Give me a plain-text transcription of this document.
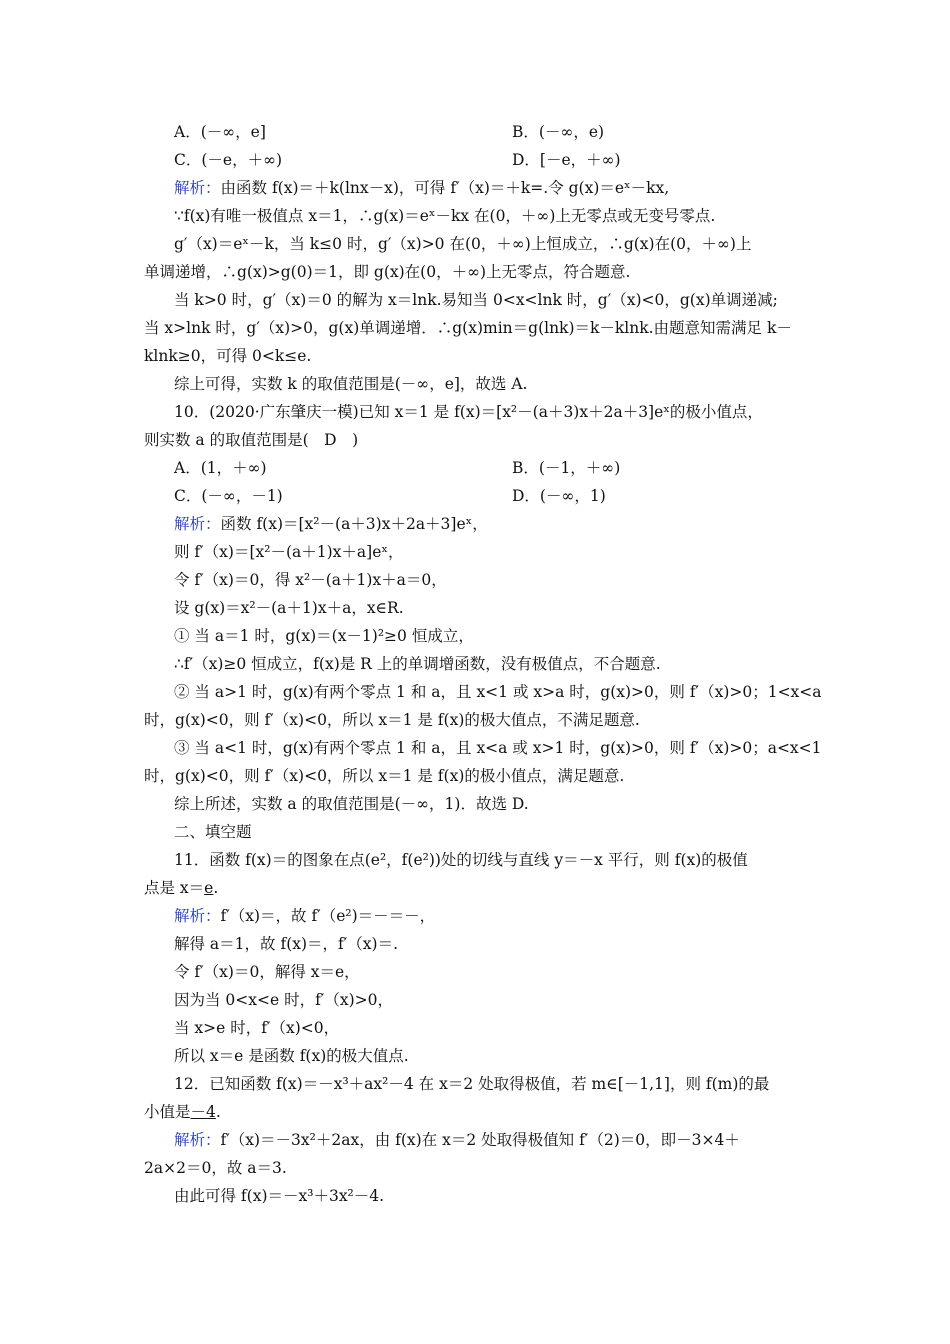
A．(－∞，e]	B．(－∞，e)
C．(－e，＋∞)	D．[－e，＋∞)
解析：由函数 f(x)＝＋k(lnx－x)，可得 f′（x)＝＋k=.令 g(x)＝eˣ－kx,
∵f(x)有唯一极值点 x＝1，∴g(x)＝eˣ－kx 在(0，＋∞)上无零点或无变号零点.
g′（x)＝eˣ－k，当 k≤0 时，g′（x)>0 在(0，＋∞)上恒成立，∴g(x)在(0，＋∞)上
单调递增，∴g(x)>g(0)＝1，即 g(x)在(0，＋∞)上无零点，符合题意.
当 k>0 时，g′（x)＝0 的解为 x＝lnk.易知当 0<x<lnk 时，g′（x)<0，g(x)单调递减;
当 x>lnk 时，g′（x)>0，g(x)单调递增．∴g(x)min＝g(lnk)＝k－klnk.由题意知需满足 k－
klnk≥0，可得 0<k≤e.
综上可得，实数 k 的取值范围是(－∞，e]，故选 A.
10．(2020·广东肇庆一模)已知 x＝1 是 f(x)＝[x²－(a＋3)x＋2a＋3]eˣ的极小值点，
则实数 a 的取值范围是(　D　)
A．(1，＋∞)	B．(－1，＋∞)
C．(－∞，－1)	D．(－∞，1)
解析：函数 f(x)＝[x²－(a＋3)x＋2a＋3]eˣ，
则 f′（x)＝[x²－(a＋1)x＋a]eˣ，
令 f′（x)＝0，得 x²－(a＋1)x＋a＝0，
设 g(x)＝x²－(a＋1)x＋a，x∈R.
① 当 a＝1 时，g(x)＝(x－1)²≥0 恒成立，
∴f′（x)≥0 恒成立，f(x)是 R 上的单调增函数，没有极值点，不合题意.
② 当 a>1 时，g(x)有两个零点 1 和 a，且 x<1 或 x>a 时，g(x)>0，则 f′（x)>0；1<x<a
时，g(x)<0，则 f′（x)<0，所以 x＝1 是 f(x)的极大值点，不满足题意.
③ 当 a<1 时，g(x)有两个零点 1 和 a，且 x<a 或 x>1 时，g(x)>0，则 f′（x)>0；a<x<1
时，g(x)<0，则 f′（x)<0，所以 x＝1 是 f(x)的极小值点，满足题意.
综上所述，实数 a 的取值范围是(－∞，1)．故选 D.
二、填空题
11．函数 f(x)＝的图象在点(e²，f(e²))处的切线与直线 y＝－x 平行，则 f(x)的极值
点是 x＝e.
解析：f′（x)＝，故 f′（e²)＝－＝－，
解得 a＝1，故 f(x)＝，f′（x)＝.
令 f′（x)＝0，解得 x＝e，
因为当 0<x<e 时，f′（x)>0，
当 x>e 时，f′（x)<0，
所以 x＝e 是函数 f(x)的极大值点.
12．已知函数 f(x)＝－x³＋ax²－4 在 x＝2 处取得极值，若 m∈[－1,1]，则 f(m)的最
小值是－4.
解析：f′（x)＝－3x²＋2ax，由 f(x)在 x＝2 处取得极值知 f′（2)＝0，即－3×4＋
2a×2＝0，故 a＝3.
由此可得 f(x)＝－x³＋3x²－4.
